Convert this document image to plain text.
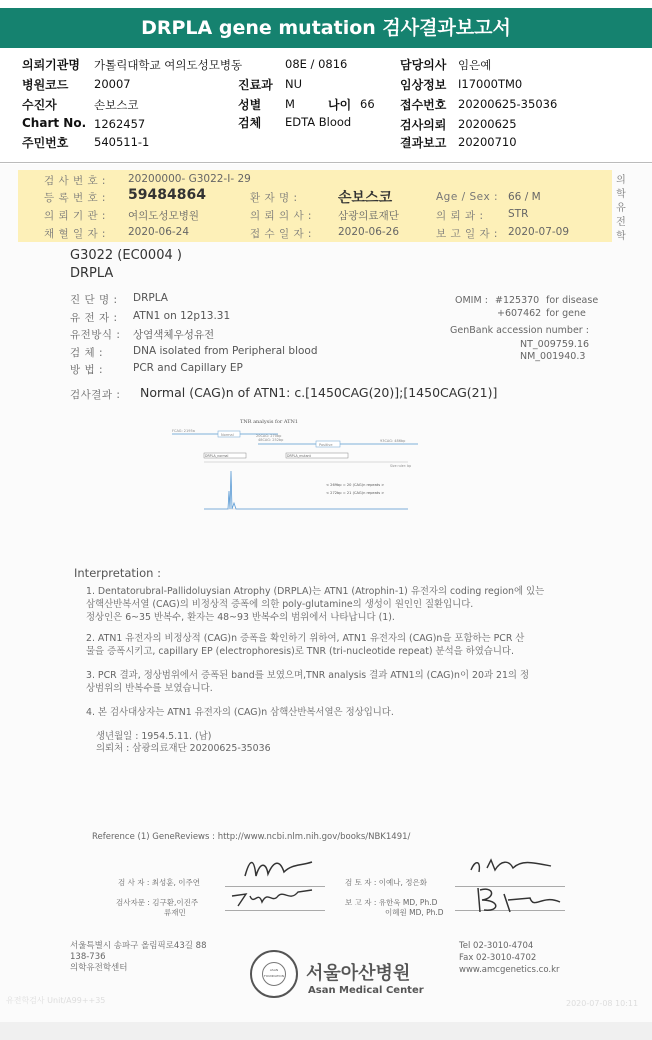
DRPLA gene mutation 검사결과보고서
의뢰기관명 가톨릭대학교 여의도성모병동	08E / 0816	담당의사 임은예
병원코드 20007	진료과 NU	임상정보 I17000TM0
수진자	손보스코	성별 M	나이 66 접수번호 20200625-35036
Chart No. 1262457	검체 EDTA Blood	검사의뢰 20200625
주민번호 540511-1	결과보고 20200710
검 사 번 호 : 20200000- G3022-I- 29
등 록 번 호 : 59484864	환 자 명 :	손보스코	Age / Sex : 66 / M
의 뢰 기 관 : 여의도성모병원	의 뢰 의 사 : 삼광의료재단	의 뢰 과 : STR
채 혈 일 자 : 2020-06-24	접 수 일 자 : 2020-06-26	보 고 일 자 : 2020-07-09
의
학
유
전
학
G3022 (EC0004 )
DRPLA
진 단 명 : DRPLA
유 전 자 : ATN1 on 12p13.31
유전방식 : 상염색체우성유전
검 체 :	DNA isolated from Peripheral blood
방 법 :	PCR and Capillary EP
OMIM : #125370 for disease
+607462 for gene
GenBank accession number :
NT_009759.16
NM_001940.3
검사결과 : Normal (CAG)n of ATN1: c.[1450CAG(20)];[1450CAG(21)]
TNR analysis for ATN1
FCAG: 2195a
Normal	20CAG: 270bp
48CAG: 252bp
Positive
93CAG: 486bp
DRPLA_normal	DRPLA_mutant
Size ruler: bp
< 269bp = 20 (CAG)n repeats >
< 272bp = 21 (CAG)n repeats >
Interpretation :
1. Dentatorubral-Pallidoluysian Atrophy (DRPLA)는 ATN1 (Atrophin-1) 유전자의 coding region에 있는
삼핵산반복서열 (CAG)의 비정상적 증폭에 의한 poly-glutamine의 생성이 원인인 질환입니다.
정상인은 6~35 반복수, 환자는 48~93 반복수의 범위에서 나타납니다 (1).
2. ATN1 유전자의 비정상적 (CAG)n 증폭을 확인하기 위하여, ATN1 유전자의 (CAG)n을 포함하는 PCR 산
물을 증폭시키고, capillary EP (electrophoresis)로 TNR (tri-nucleotide repeat) 분석을 하였습니다.
3. PCR 결과, 정상범위에서 증폭된 band를 보였으며,TNR analysis 결과 ATN1의 (CAG)n이 20과 21의 정
상범위의 반복수를 보였습니다.
4. 본 검사대상자는 ATN1 유전자의 (CAG)n 삼핵산반복서열은 정상입니다.
생년월일 : 1954.5.11. (남)
의뢰처 : 삼광의료재단 20200625-35036
Reference (1) GeneReviews : http://www.ncbi.nlm.nih.gov/books/NBK1491/
검 사 자 : 최성훈, 이주연
검사자문 : 김구환,이진주
류재민
검 토 자 : 이예나, 정은화
보 고 자 : 유한욱 MD, Ph.D
이혜원 MD, Ph.D
서울특별시 송파구 올림픽로43길 88
138-736
의학유전학센터
Tel 02-3010-4704
Fax 02-3010-4702
www.amcgenetics.co.kr
서울아산병원
Asan Medical Center
유전학검사 Unit/A99++35	2020-07-08 10:11
ASAN FOUNDATION
